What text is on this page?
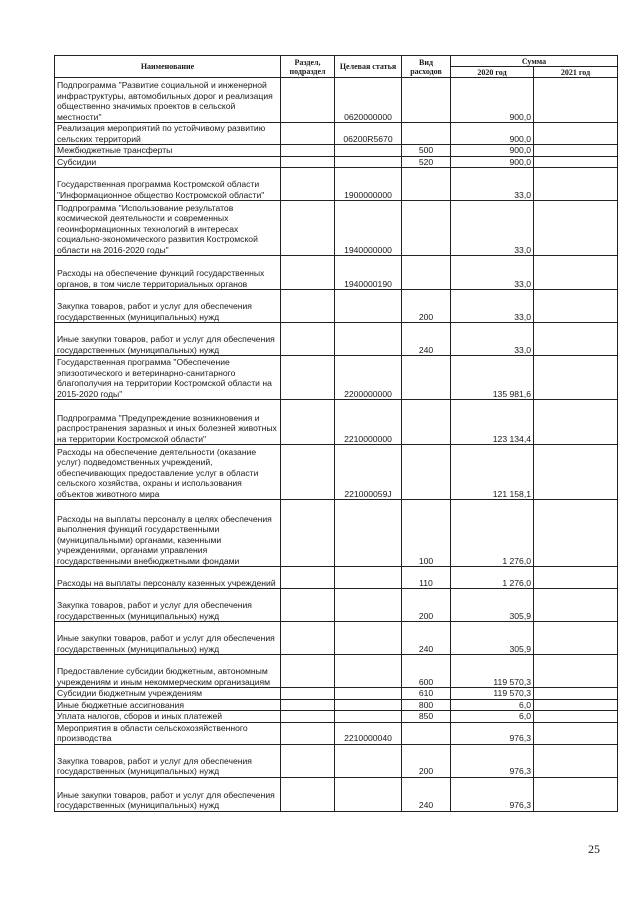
Наименование	Раздел, подраздел	Целевая статья	Вид расходов	Сумма	
				2020 год	2021 год
Подпрограмма "Развитие социальной и инженерной инфраструктуры, автомобильных дорог и реализация общественно значимых проектов в сельской местности"		0620000000		900,0	
Реализация мероприятий по устойчивому развитию сельских территорий		06200R5670		900,0	
Межбюджетные трансферты			500	900,0	
Субсидии			520	900,0	
Государственная программа Костромской области "Информационное общество Костромской области"		1900000000		33,0	
Подпрограмма "Использование результатов космической деятельности и современных геоинформационных технологий в интересах социально-экономического развития Костромской области на 2016-2020 годы"		1940000000		33,0	
Расходы на обеспечение функций государственных органов, в том числе территориальных органов		1940000190		33,0	
Закупка товаров, работ и услуг для обеспечения государственных (муниципальных) нужд			200	33,0	
Иные закупки товаров, работ и услуг для обеспечения государственных (муниципальных) нужд			240	33,0	
Государственная программа "Обеспечение эпизоотического и ветеринарно-санитарного благополучия на территории Костромской области на 2015-2020 годы"		2200000000		135 981,6	
Подпрограмма "Предупреждение возникновения и распространения заразных и иных болезней животных на территории Костромской области"		2210000000		123 134,4	
Расходы на обеспечение деятельности (оказание услуг) подведомственных учреждений, обеспечивающих предоставление услуг в области сельского хозяйства, охраны и использования объектов животного мира		221000059J		121 158,1	
Расходы на выплаты персоналу в целях обеспечения выполнения функций государственными (муниципальными) органами, казенными учреждениями, органами управления государственными внебюджетными фондами			100	1 276,0	
Расходы на выплаты персоналу казенных учреждений			110	1 276,0	
Закупка товаров, работ и услуг для обеспечения государственных (муниципальных) нужд			200	305,9	
Иные закупки товаров, работ и услуг для обеспечения государственных (муниципальных) нужд			240	305,9	
Предоставление субсидии бюджетным, автономным учреждениям и иным некоммерческим организациям			600	119 570,3	
Субсидии бюджетным учреждениям			610	119 570,3	
Иные бюджетные ассигнования			800	6,0	
Уплата налогов, сборов и иных платежей			850	6,0	
Мероприятия в области сельскохозяйственного производства		2210000040		976,3	
Закупка товаров, работ и услуг для обеспечения государственных (муниципальных) нужд			200	976,3	
Иные закупки товаров, работ и услуг для обеспечения государственных (муниципальных) нужд			240	976,3	
25
